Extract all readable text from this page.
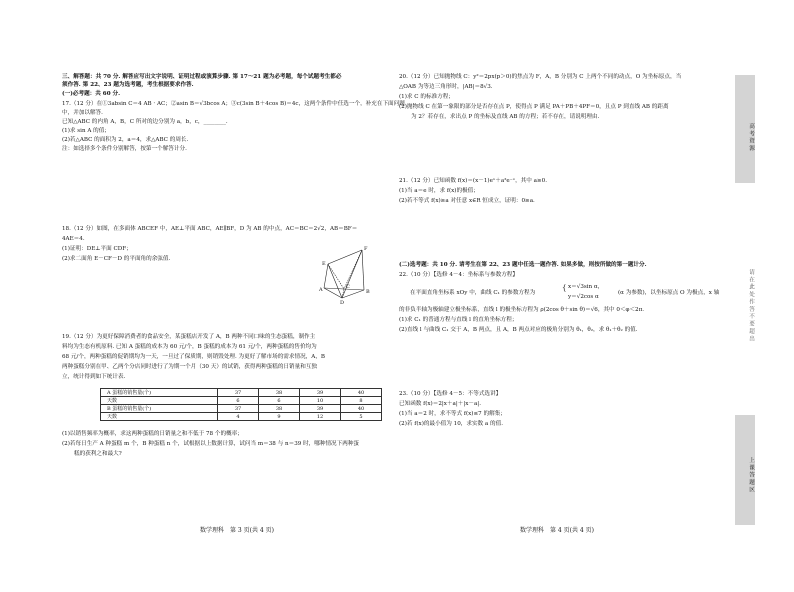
三、解答题：共 70 分. 解答应写出文字说明、证明过程或演算步骤. 第 17～21 题为必考题，每个试题考生都必
须作答. 第 22、23 题为选考题，考生根据要求作答.
(一)必考题：共 60 分.
17.（12 分）在①3absin C＝4 AB · AC；②asin B＝√3bcos A；③c(3sin B＋4cos B)＝4c，这两个条件中任选一个，补充在下面问题
中，并加以解答.
已知△ABC 的内角 A，B，C 所对的边分别为 a，b，c，________.
(1)求 sin A 的值；
(2)若△ABC 的面积为 2，a＝4，求△ABC 的周长.
注：如选择多个条件分别解答，按第一个解答计分.
18.（12 分）如图，在多面体 ABCEF 中，AE⊥平面 ABC，AE∥BF，D 为 AB 的中点，AC＝BC＝2√2，AB＝BF＝
4AE＝4.
(1)证明：DE⊥平面 CDF；
(2)求二面角 E－CF－D 的平面角的余弦值.
F
E
A
D
B
C
19.（12 分）为更好保障消费者的食品安全，某蛋糕店开发了 A，B 两种不同口味的生态蛋糕，制作主
料均为生态有机原料. 已知 A 蛋糕的成本为 60 元/个，B 蛋糕的成本为 61 元/个，两种蛋糕的售价均为
68 元/个，两种蛋糕的促销期均为一天，一旦过了保质期，则销毁处理. 为更好了解市场的需求情况，A，B
两种蛋糕分别在甲、乙两个分店同时进行了为期一个月（30 天）的试销，获得两种蛋糕的日销量和互独
立，统计得到如下统计表.
A 蛋糕的销售量(个)	37	38	39	40
天数	6	6	10	8
B 蛋糕的销售量(个)	37	38	39	40
天数	4	9	12	5
(1)以销售频率为概率，求这两种蛋糕的日销量之和不低于 78 个的概率；
(2)若每日生产 A 种蛋糕 m 个，B 种蛋糕 n 个，试根据以上数据计算，试问当 m＝38 与 n＝39 时，哪种情况下两种蛋
糕的获利之和最大?
数学理科　第 3 页(共 4 页)
20.（12 分）已知抛物线 C：y²＝2px(p＞0)的焦点为 F，A，B 分别为 C 上两个不同的动点，O 为坐标原点，当
△OAB 为等边三角形时，|AB|＝8√3.
(1)求 C 的标准方程；
(2)抛物线 C 在第一象限的部分是否存在点 P，使得点 P 满足 PA＋PB＋4PF＝0，且点 P 到直线 AB 的距离
为 2？若存在，求出点 P 的坐标及直线 AB 的方程；若不存在，请说明理由.
21.（12 分）已知函数 f(x)＝(x－1)eˣ＋a²e⁻ˣ，其中 a≥0.
(1)当 a＝e 时，求 f(x)的极值；
(2)若不等式 f(x)≥a 对任意 x∈R 恒成立，证明：0≥a.
(二)选考题：共 10 分. 请考生在第 22、23 题中任选一题作答. 如果多做，则按所做的第一题计分.
22.（10 分）【选修 4－4：坐标系与参数方程】
在平面直角坐标系 xOy 中，曲线 C₁ 的参数方程为
{ x＝√3sin α，
y＝√2cos α
(α 为参数)，以坐标原点 O 为极点，x 轴
的非负半轴为极轴建立极坐标系，直线 l 的极坐标方程为 ρ(2cos θ＋sin θ)＝√6，其中 0＜φ＜2π.
(1)求 C₁ 的普通方程与直线 l 的直角坐标方程；
(2)直线 l 与曲线 C₁ 交于 A，B 两点，且 A，B 两点对应的极角分别为 θ₁，θ₂，求 θ₁＋θ₂ 的值.
23.（10 分）【选修 4－5：不等式选讲】
已知函数 f(x)＝2|x＋a|＋|x－a|.
(1)当 a＝2 时，求不等式 f(x)≤7 的解集；
(2)若 f(x)的最小值为 10，求实数 a 的值.
数学理科　第 4 页(共 4 页)
高 考 资 源
请 在 此 处 作 答 不 要 超 出
上 课 答 题 区
